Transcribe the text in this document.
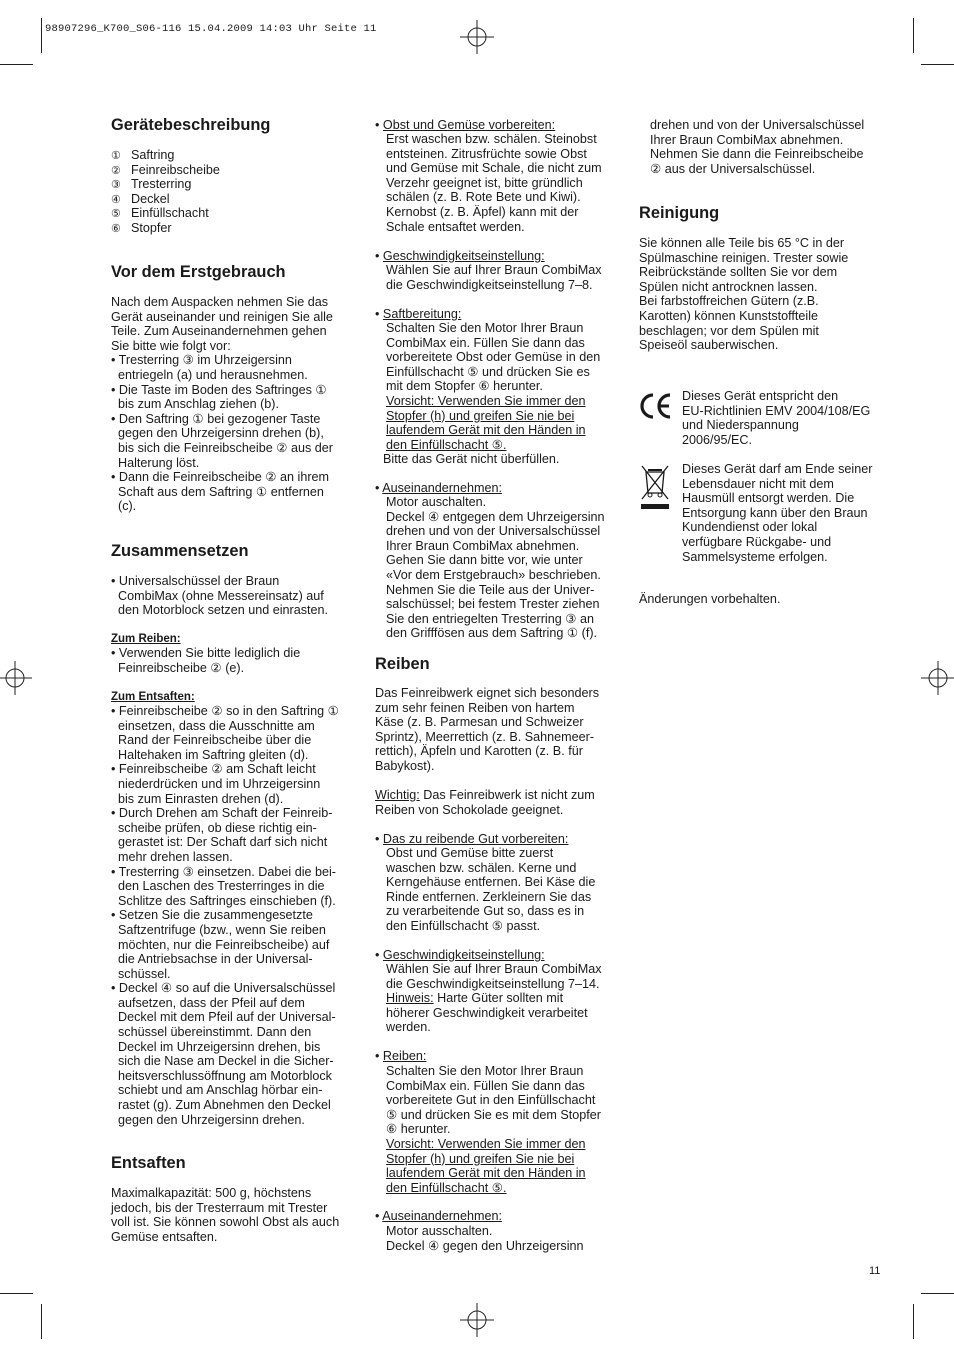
98907296_K700_S06-116 15.04.2009 14:03 Uhr Seite 11
Gerätebeschreibung
① Saftring
② Feinreibscheibe
③ Tresterring
④ Deckel
⑤ Einfüllschacht
⑥ Stopfer
Vor dem Erstgebrauch
Nach dem Auspacken nehmen Sie das
Gerät auseinander und reinigen Sie alle
Teile. Zum Auseinandernehmen gehen
Sie bitte wie folgt vor:
• Tresterring ③ im Uhrzeigersinn
entriegeln (a) und herausnehmen.
• Die Taste im Boden des Saftringes ①
bis zum Anschlag ziehen (b).
• Den Saftring ① bei gezogener Taste
gegen den Uhrzeigersinn drehen (b),
bis sich die Feinreibscheibe ② aus der
Halterung löst.
• Dann die Feinreibscheibe ② an ihrem
Schaft aus dem Saftring ① entfernen
(c).
Zusammensetzen
• Universalschüssel der Braun
CombiMax (ohne Messereinsatz) auf
den Motorblock setzen und einrasten.
Zum Reiben:
• Verwenden Sie bitte lediglich die
Feinreibscheibe ② (e).
Zum Entsaften:
• Feinreibscheibe ② so in den Saftring ①
einsetzen, dass die Ausschnitte am
Rand der Feinreibscheibe über die
Haltehaken im Saftring gleiten (d).
• Feinreibscheibe ② am Schaft leicht
niederdrücken und im Uhrzeigersinn
bis zum Einrasten drehen (d).
• Durch Drehen am Schaft der Feinreib-
scheibe prüfen, ob diese richtig ein-
gerastet ist: Der Schaft darf sich nicht
mehr drehen lassen.
• Tresterring ③ einsetzen. Dabei die bei-
den Laschen des Tresterringes in die
Schlitze des Saftringes einschieben (f).
• Setzen Sie die zusammengesetzte
Saftzentrifuge (bzw., wenn Sie reiben
möchten, nur die Feinreibscheibe) auf
die Antriebsachse in der Universal-
schüssel.
• Deckel ④ so auf die Universalschüssel
aufsetzen, dass der Pfeil auf dem
Deckel mit dem Pfeil auf der Universal-
schüssel übereinstimmt. Dann den
Deckel im Uhrzeigersinn drehen, bis
sich die Nase am Deckel in die Sicher-
heitsverschlussöffnung am Motorblock
schiebt und am Anschlag hörbar ein-
rastet (g). Zum Abnehmen den Deckel
gegen den Uhrzeigersinn drehen.
Entsaften
Maximalkapazität: 500 g, höchstens
jedoch, bis der Tresterraum mit Trester
voll ist. Sie können sowohl Obst als auch
Gemüse entsaften.
• Obst und Gemüse vorbereiten:
Erst waschen bzw. schälen. Steinobst
entsteinen. Zitrusfrüchte sowie Obst
und Gemüse mit Schale, die nicht zum
Verzehr geeignet ist, bitte gründlich
schälen (z. B. Rote Bete und Kiwi).
Kernobst (z. B. Äpfel) kann mit der
Schale entsaftet werden.
• Geschwindigkeitseinstellung:
Wählen Sie auf Ihrer Braun CombiMax
die Geschwindigkeitseinstellung 7–8.
• Saftbereitung:
Schalten Sie den Motor Ihrer Braun
CombiMax ein. Füllen Sie dann das
vorbereitete Obst oder Gemüse in den
Einfüllschacht ⑤ und drücken Sie es
mit dem Stopfer ⑥ herunter.
Vorsicht: Verwenden Sie immer den
Stopfer (h) und greifen Sie nie bei
laufendem Gerät mit den Händen in
den Einfüllschacht ⑤.
Bitte das Gerät nicht überfüllen.
• Auseinandernehmen:
Motor auschalten.
Deckel ④ entgegen dem Uhrzeigersinn
drehen und von der Universalschüssel
Ihrer Braun CombiMax abnehmen.
Gehen Sie dann bitte vor, wie unter
«Vor dem Erstgebrauch» beschrieben.
Nehmen Sie die Teile aus der Univer-
salschüssel; bei festem Trester ziehen
Sie den entriegelten Tresterring ③ an
den Grifffösen aus dem Saftring ① (f).
Reiben
Das Feinreibwerk eignet sich besonders
zum sehr feinen Reiben von hartem
Käse (z. B. Parmesan und Schweizer
Sprintz), Meerrettich (z. B. Sahnemeer-
rettich), Äpfeln und Karotten (z. B. für
Babykost).
Wichtig: Das Feinreibwerk ist nicht zum
Reiben von Schokolade geeignet.
• Das zu reibende Gut vorbereiten:
Obst und Gemüse bitte zuerst
waschen bzw. schälen. Kerne und
Kerngehäuse entfernen. Bei Käse die
Rinde entfernen. Zerkleinern Sie das
zu verarbeitende Gut so, dass es in
den Einfüllschacht ⑤ passt.
• Geschwindigkeitseinstellung:
Wählen Sie auf Ihrer Braun CombiMax
die Geschwindigkeitseinstellung 7–14.
Hinweis: Harte Güter sollten mit
höherer Geschwindigkeit verarbeitet
werden.
• Reiben:
Schalten Sie den Motor Ihrer Braun
CombiMax ein. Füllen Sie dann das
vorbereitete Gut in den Einfüllschacht
⑤ und drücken Sie es mit dem Stopfer
⑥ herunter.
Vorsicht: Verwenden Sie immer den
Stopfer (h) und greifen Sie nie bei
laufendem Gerät mit den Händen in
den Einfüllschacht ⑤.
• Auseinandernehmen:
Motor ausschalten.
Deckel ④ gegen den Uhrzeigersinn
drehen und von der Universalschüssel
Ihrer Braun CombiMax abnehmen.
Nehmen Sie dann die Feinreibscheibe
② aus der Universalschüssel.
Reinigung
Sie können alle Teile bis 65 °C in der
Spülmaschine reinigen. Trester sowie
Reibrückstände sollten Sie vor dem
Spülen nicht antrocknen lassen.
Bei farbstoffreichen Gütern (z.B.
Karotten) können Kunststoffteile
beschlagen; vor dem Spülen mit
Speiseöl sauberwischen.
Dieses Gerät entspricht den
EU-Richtlinien EMV 2004/108/EG
und Niederspannung
2006/95/EC.
Dieses Gerät darf am Ende seiner
Lebensdauer nicht mit dem
Hausmüll entsorgt werden. Die
Entsorgung kann über den Braun
Kundendienst oder lokal
verfügbare Rückgabe- und
Sammelsysteme erfolgen.
Änderungen vorbehalten.
11
